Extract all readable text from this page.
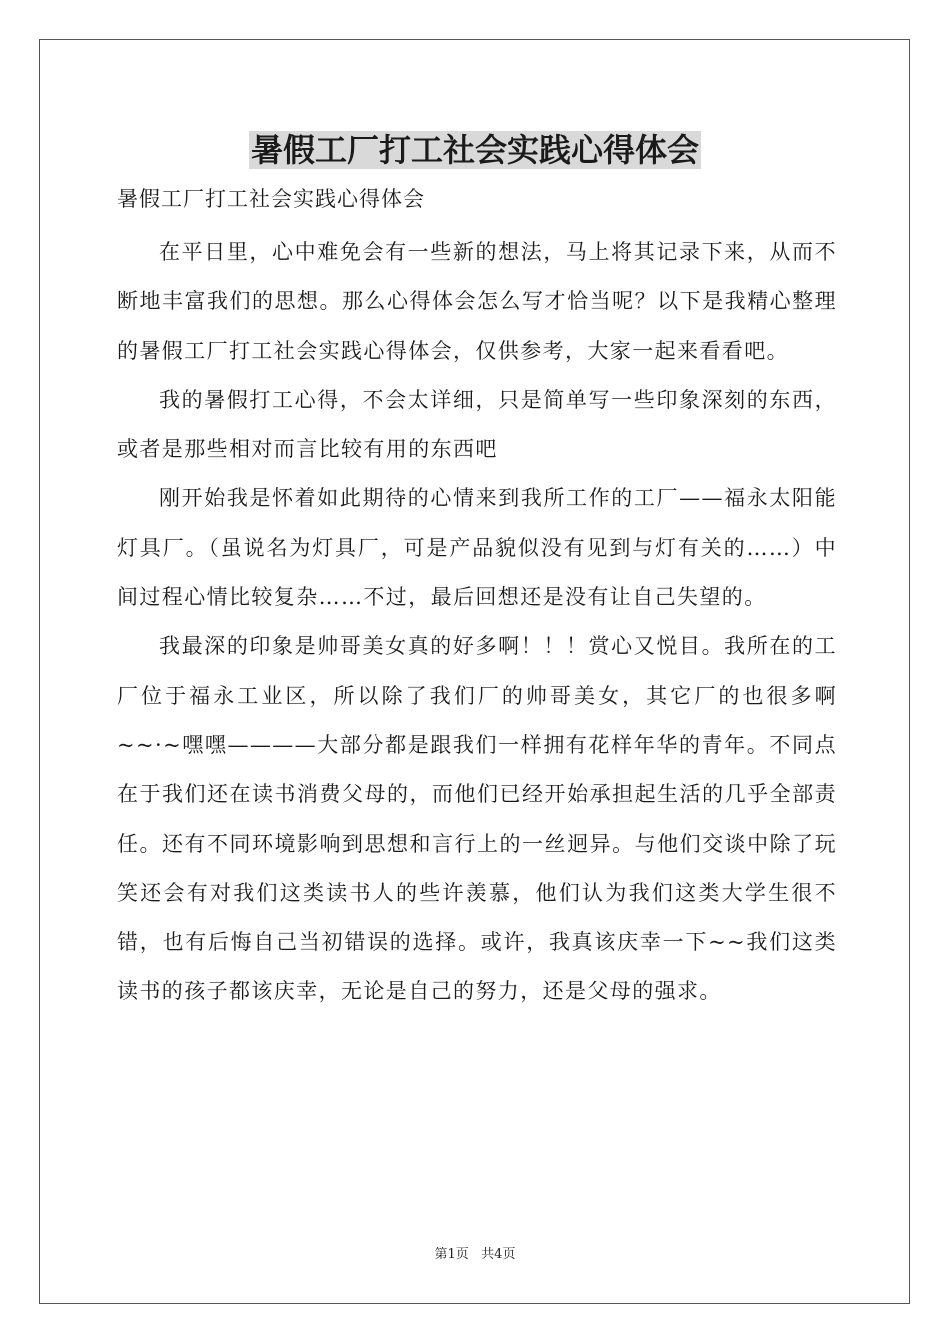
暑假工厂打工社会实践心得体会
暑假工厂打工社会实践心得体会

在平日里，心中难免会有一些新的想法，马上将其记录下来，从而不断地丰富我们的思想。那么心得体会怎么写才恰当呢？以下是我精心整理的暑假工厂打工社会实践心得体会，仅供参考，大家一起来看看吧。

我的暑假打工心得，不会太详细，只是简单写一些印象深刻的东西，或者是那些相对而言比较有用的东西吧

刚开始我是怀着如此期待的心情来到我所工作的工厂——福永太阳能灯具厂。（虽说名为灯具厂，可是产品貌似没有见到与灯有关的……）中间过程心情比较复杂……不过，最后回想还是没有让自己失望的。

我最深的印象是帅哥美女真的好多啊！！！赏心又悦目。我所在的工厂位于福永工业区，所以除了我们厂的帅哥美女，其它厂的也很多啊~~·~嘿嘿————大部分都是跟我们一样拥有花样年华的青年。不同点在于我们还在读书消费父母的，而他们已经开始承担起生活的几乎全部责任。还有不同环境影响到思想和言行上的一丝迥异。与他们交谈中除了玩笑还会有对我们这类读书人的些许羡慕，他们认为我们这类大学生很不错，也有后悔自己当初错误的选择。或许，我真该庆幸一下~~我们这类读书的孩子都该庆幸，无论是自己的努力，还是父母的强求。

第1页   共4页
